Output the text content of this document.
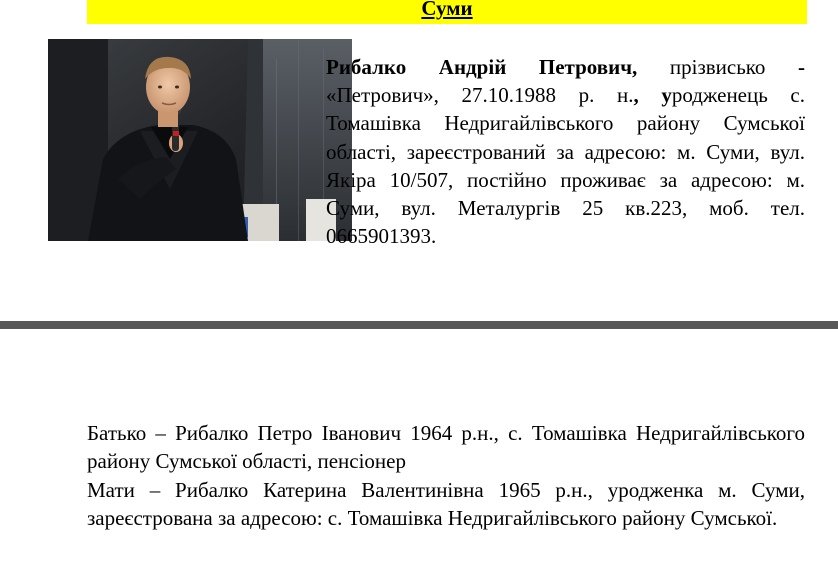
Суми

Рибалко Андрій Петрович, прізвисько - «Петрович», 27.10.1988 р. н., уродженець с. Томашівка Недригайлівського району Сумської області, зареєстрований за адресою: м. Суми, вул. Якіра 10/507, постійно проживає за адресою: м. Суми, вул. Металургів 25 кв.223, моб. тел. 0665901393.

Батько – Рибалко Петро Іванович 1964 р.н., с. Томашівка Недригайлівського району Сумської області, пенсіонер

Мати – Рибалко Катерина Валентинівна 1965 р.н., уродженка м. Суми, зареєстрована за адресою: с. Томашівка Недригайлівського району Сумської.
